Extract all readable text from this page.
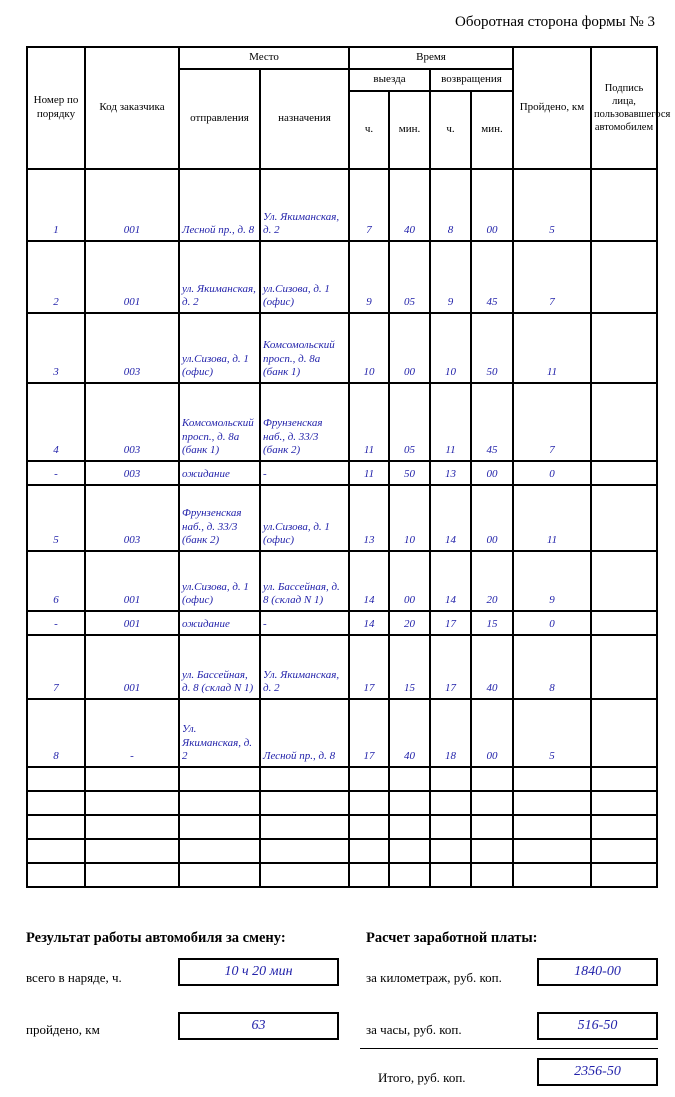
Оборотная сторона формы № 3
Номер по порядку	Код заказчика	Место		Время				Пройдено, км	Подпись лица, пользовавшегося автомобилем
		отправления	назначения	выезда		возвращения			
				ч.	мин.	ч.	мин.		
1	001	Лесной пр., д. 8	Ул. Якиманская, д. 2	7	40	8	00	5	
2	001	ул. Якиманская, д. 2	ул.Сизова, д. 1 (офис)	9	05	9	45	7	
3	003	ул.Сизова, д. 1 (офис)	Комсомольский просп., д. 8а (банк 1)	10	00	10	50	11	
4	003	Комсомольский просп., д. 8а (банк 1)	Фрунзенская наб., д. 33/3 (банк 2)	11	05	11	45	7	
-	003	ожидание	-	11	50	13	00	0	
5	003	Фрунзенская наб., д. 33/3 (банк 2)	ул.Сизова, д. 1 (офис)	13	10	14	00	11	
6	001	ул.Сизова, д. 1 (офис)	ул. Бассейная, д. 8 (склад N 1)	14	00	14	20	9	
-	001	ожидание	-	14	20	17	15	0	
7	001	ул. Бассейная, д. 8 (склад N 1)	Ул. Якиманская, д. 2	17	15	17	40	8	
8	-	Ул. Якиманская, д. 2	Лесной пр., д. 8	17	40	18	00	5	

Результат работы автомобиля за смену:
всего в наряде, ч.	10 ч 20 мин
пройдено, км	63
Расчет заработной платы:
за километраж, руб. коп.	1840-00
за часы, руб. коп.	516-50
Итого, руб. коп.	2356-50
